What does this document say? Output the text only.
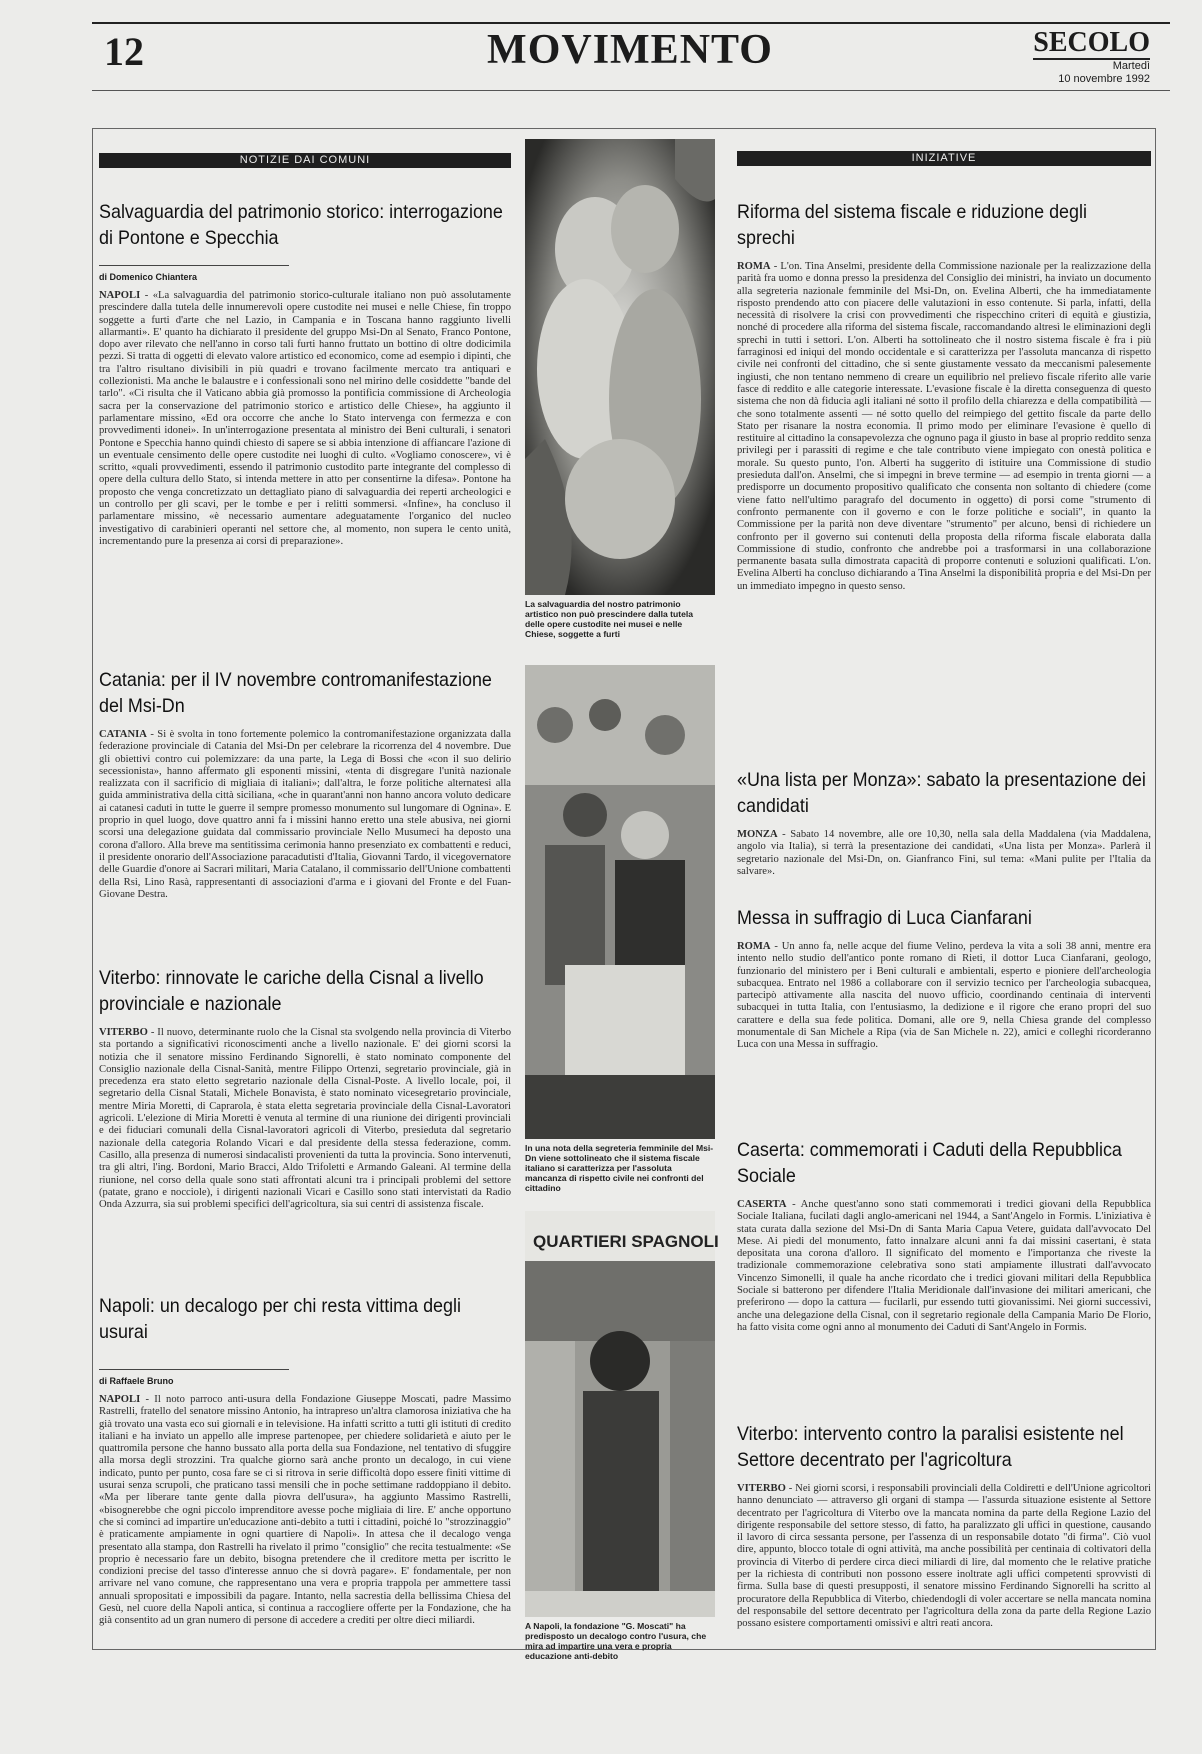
12	MOVIMENTO	SECOLO
Martedì
10 novembre 1992
NOTIZIE DAI COMUNI
Salvaguardia del patrimonio storico: interrogazione di Pontone e Specchia
di Domenico Chiantera
NAPOLI - «La salvaguardia del patrimonio storico-culturale italiano non può assolutamente prescindere dalla tutela delle innumerevoli opere custodite nei musei e nelle Chiese, fin troppo soggette a furti d'arte che nel Lazio, in Campania e in Toscana hanno raggiunto livelli allarmanti». E' quanto ha dichiarato il presidente del gruppo Msi-Dn al Senato, Franco Pontone, dopo aver rilevato che nell'anno in corso tali furti hanno fruttato un bottino di oltre dodicimila pezzi. Si tratta di oggetti di elevato valore artistico ed economico, come ad esempio i dipinti, che tra l'altro risultano divisibili in più quadri e trovano facilmente mercato tra antiquari e collezionisti. Ma anche le balaustre e i confessionali sono nel mirino delle cosiddette "bande del tarlo". «Ci risulta che il Vaticano abbia già promosso la pontificia commissione di Archeologia sacra per la conservazione del patrimonio storico e artistico delle Chiese», ha aggiunto il parlamentare missino, «Ed ora occorre che anche lo Stato intervenga con fermezza e con provvedimenti idonei». In un'interrogazione presentata al ministro dei Beni culturali, i senatori Pontone e Specchia hanno quindi chiesto di sapere se si abbia intenzione di affiancare l'azione di un eventuale censimento delle opere custodite nei luoghi di culto. «Vogliamo conoscere», vi è scritto, «quali provvedimenti, essendo il patrimonio custodito parte integrante del complesso di opere della cultura dello Stato, si intenda mettere in atto per consentirne la difesa». Pontone ha proposto che venga concretizzato un dettagliato piano di salvaguardia dei reperti archeologici e un controllo per gli scavi, per le tombe e per i relitti sommersi. «Infine», ha concluso il parlamentare missino, «è necessario aumentare adeguatamente l'organico del nucleo investigativo di carabinieri operanti nel settore che, al momento, non supera le cento unità, incrementando pure la presenza ai corsi di preparazione».
Catania: per il IV novembre contromanifestazione del Msi-Dn
CATANIA - Si è svolta in tono fortemente polemico la contromanifestazione organizzata dalla federazione provinciale di Catania del Msi-Dn per celebrare la ricorrenza del 4 novembre. Due gli obiettivi contro cui polemizzare: da una parte, la Lega di Bossi che «con il suo delirio secessionista», hanno affermato gli esponenti missini, «tenta di disgregare l'unità nazionale realizzata con il sacrificio di migliaia di italiani»; dall'altra, le forze politiche alternatesi alla guida amministrativa della città siciliana, «che in quarant'anni non hanno ancora voluto dedicare ai catanesi caduti in tutte le guerre il sempre promesso monumento sul lungomare di Ognina». E proprio in quel luogo, dove quattro anni fa i missini hanno eretto una stele abusiva, nei giorni scorsi una delegazione guidata dal commissario provinciale Nello Musumeci ha deposto una corona d'alloro. Alla breve ma sentitissima cerimonia hanno presenziato ex combattenti e reduci, il presidente onorario dell'Associazione paracadutisti d'Italia, Giovanni Tardo, il vicegovernatore delle Guardie d'onore ai Sacrari militari, Maria Catalano, il commissario dell'Unione combattenti della Rsi, Lino Rasà, rappresentanti di associazioni d'arma e i giovani del Fronte e del Fuan-Giovane Destra.
Viterbo: rinnovate le cariche della Cisnal a livello provinciale e nazionale
VITERBO - Il nuovo, determinante ruolo che la Cisnal sta svolgendo nella provincia di Viterbo sta portando a significativi riconoscimenti anche a livello nazionale. E' dei giorni scorsi la notizia che il senatore missino Ferdinando Signorelli, è stato nominato componente del Consiglio nazionale della Cisnal-Sanità, mentre Filippo Ortenzi, segretario provinciale, già in precedenza era stato eletto segretario nazionale della Cisnal-Poste. A livello locale, poi, il segretario della Cisnal Statali, Michele Bonavista, è stato nominato vicesegretario provinciale, mentre Miria Moretti, di Caprarola, è stata eletta segretaria provinciale della Cisnal-Lavoratori agricoli. L'elezione di Miria Moretti è venuta al termine di una riunione dei dirigenti provinciali e dei fiduciari comunali della Cisnal-lavoratori agricoli di Viterbo, presieduta dal segretario nazionale della categoria Rolando Vicari e dal presidente della stessa federazione, comm. Casillo, alla presenza di numerosi sindacalisti provenienti da tutta la provincia. Sono intervenuti, tra gli altri, l'ing. Bordoni, Mario Bracci, Aldo Trifoletti e Armando Galeani. Al termine della riunione, nel corso della quale sono stati affrontati alcuni tra i principali problemi del settore (patate, grano e nocciole), i dirigenti nazionali Vicari e Casillo sono stati intervistati da Radio Onda Azzurra, sia sui problemi specifici dell'agricoltura, sia sui centri di assistenza fiscale.
Napoli: un decalogo per chi resta vittima degli usurai
di Raffaele Bruno
NAPOLI - Il noto parroco anti-usura della Fondazione Giuseppe Moscati, padre Massimo Rastrelli, fratello del senatore missino Antonio, ha intrapreso un'altra clamorosa iniziativa che ha già trovato una vasta eco sui giornali e in televisione. Ha infatti scritto a tutti gli istituti di credito italiani e ha inviato un appello alle imprese partenopee, per chiedere solidarietà e aiuto per le quattromila persone che hanno bussato alla porta della sua Fondazione, nel tentativo di sfuggire alla morsa degli strozzini. Tra qualche giorno sarà anche pronto un decalogo, in cui viene indicato, punto per punto, cosa fare se ci si ritrova in serie difficoltà dopo essere finiti vittime di usurai senza scrupoli, che praticano tassi mensili che in poche settimane raddoppiano il debito. «Ma per liberare tante gente dalla piovra dell'usura», ha aggiunto Massimo Rastrelli, «bisognerebbe che ogni piccolo imprenditore avesse poche migliaia di lire. E' anche opportuno che si cominci ad impartire un'educazione anti-debito a tutti i cittadini, poiché lo "strozzinaggio" è praticamente ampiamente in ogni quartiere di Napoli». In attesa che il decalogo venga presentato alla stampa, don Rastrelli ha rivelato il primo "consiglio" che recita testualmente: «Se proprio è necessario fare un debito, bisogna pretendere che il creditore metta per iscritto le condizioni precise del tasso d'interesse annuo che si dovrà pagare». E' fondamentale, per non arrivare nel vano comune, che rappresentano una vera e propria trappola per ammettere tassi annuali spropositati e impossibili da pagare. Intanto, nella sacrestia della bellissima Chiesa del Gesù, nel cuore della Napoli antica, si continua a raccogliere offerte per la Fondazione, che ha già consentito ad un gran numero di persone di accedere a crediti per oltre dieci miliardi.
La salvaguardia del nostro patrimonio artistico non può prescindere dalla tutela delle opere custodite nei musei e nelle Chiese, soggette a furti
In una nota della segreteria femminile del Msi-Dn viene sottolineato che il sistema fiscale italiano si caratterizza per l'assoluta mancanza di rispetto civile nei confronti del cittadino
QUARTIERI SPAGNOLI
A Napoli, la fondazione "G. Moscati" ha predisposto un decalogo contro l'usura, che mira ad impartire una vera e propria educazione anti-debito
INIZIATIVE
Riforma del sistema fiscale e riduzione degli sprechi
ROMA - L'on. Tina Anselmi, presidente della Commissione nazionale per la realizzazione della parità fra uomo e donna presso la presidenza del Consiglio dei ministri, ha inviato un documento alla segreteria nazionale femminile del Msi-Dn, on. Evelina Alberti, che ha immediatamente risposto prendendo atto con piacere delle valutazioni in esso contenute. Si parla, infatti, della necessità di risolvere la crisi con provvedimenti che rispecchino criteri di equità e giustizia, nonché di procedere alla riforma del sistema fiscale, raccomandando altresì le eliminazioni degli sprechi in tutti i settori. L'on. Alberti ha sottolineato che il nostro sistema fiscale è fra i più farraginosi ed iniqui del mondo occidentale e si caratterizza per l'assoluta mancanza di rispetto civile nei confronti del cittadino, che si sente giustamente vessato da meccanismi palesemente ingiusti, che non tentano nemmeno di creare un equilibrio nel prelievo fiscale riferito alle varie fasce di reddito e alle categorie interessate. L'evasione fiscale è la diretta conseguenza di questo sistema che non dà fiducia agli italiani né sotto il profilo della chiarezza e della compatibilità — che sono totalmente assenti — né sotto quello del reimpiego del gettito fiscale da parte dello Stato per risanare la nostra economia. Il primo modo per eliminare l'evasione è quello di restituire al cittadino la consapevolezza che ognuno paga il giusto in base al proprio reddito senza privilegi per i parassiti di regime e che tale contributo viene impiegato con onestà politica e morale. Su questo punto, l'on. Alberti ha suggerito di istituire una Commissione di studio presieduta dall'on. Anselmi, che si impegni in breve termine — ad esempio in trenta giorni — a predisporre un documento propositivo qualificato che consenta non soltanto di chiedere (come viene fatto nell'ultimo paragrafo del documento in oggetto) di porsi come "strumento di confronto permanente con il governo e con le forze politiche e sociali", in quanto la Commissione per la parità non deve diventare "strumento" per alcuno, bensì di richiedere un confronto per il governo sui contenuti della proposta della riforma fiscale elaborata dalla Commissione di studio, confronto che andrebbe poi a trasformarsi in una collaborazione permanente basata sulla dimostrata capacità di proporre contenuti e soluzioni qualificati. L'on. Evelina Alberti ha concluso dichiarando a Tina Anselmi la disponibilità propria e del Msi-Dn per un immediato impegno in questo senso.
«Una lista per Monza»: sabato la presentazione dei candidati
MONZA - Sabato 14 novembre, alle ore 10,30, nella sala della Maddalena (via Maddalena, angolo via Italia), si terrà la presentazione dei candidati, «Una lista per Monza». Parlerà il segretario nazionale del Msi-Dn, on. Gianfranco Fini, sul tema: «Mani pulite per l'Italia da salvare».
Messa in suffragio di Luca Cianfarani
ROMA - Un anno fa, nelle acque del fiume Velino, perdeva la vita a soli 38 anni, mentre era intento nello studio dell'antico ponte romano di Rieti, il dottor Luca Cianfarani, geologo, funzionario del ministero per i Beni culturali e ambientali, esperto e pioniere dell'archeologia subacquea. Entrato nel 1986 a collaborare con il servizio tecnico per l'archeologia subacquea, partecipò attivamente alla nascita del nuovo ufficio, coordinando centinaia di interventi subacquei in tutta Italia, con l'entusiasmo, la dedizione e il rigore che erano propri del suo carattere e della sua fede politica. Domani, alle ore 9, nella Chiesa grande del complesso monumentale di San Michele a Ripa (via de San Michele n. 22), amici e colleghi ricorderanno Luca con una Messa in suffragio.
Caserta: commemorati i Caduti della Repubblica Sociale
CASERTA - Anche quest'anno sono stati commemorati i tredici giovani della Repubblica Sociale Italiana, fucilati dagli anglo-americani nel 1944, a Sant'Angelo in Formis. L'iniziativa è stata curata dalla sezione del Msi-Dn di Santa Maria Capua Vetere, guidata dall'avvocato Del Mese. Ai piedi del monumento, fatto innalzare alcuni anni fa dai missini casertani, è stata depositata una corona d'alloro. Il significato del momento e l'importanza che riveste la tradizionale commemorazione celebrativa sono stati ampiamente illustrati dall'avvocato Vincenzo Simonelli, il quale ha anche ricordato che i tredici giovani militari della Repubblica Sociale si batterono per difendere l'Italia Meridionale dall'invasione dei militari americani, che preferirono — dopo la cattura — fucilarli, pur essendo tutti giovanissimi. Nei giorni successivi, anche una delegazione della Cisnal, con il segretario regionale della Campania Mario De Florio, ha fatto visita come ogni anno al monumento dei Caduti di Sant'Angelo in Formis.
Viterbo: intervento contro la paralisi esistente nel Settore decentrato per l'agricoltura
VITERBO - Nei giorni scorsi, i responsabili provinciali della Coldiretti e dell'Unione agricoltori hanno denunciato — attraverso gli organi di stampa — l'assurda situazione esistente al Settore decentrato per l'agricoltura di Viterbo ove la mancata nomina da parte della Regione Lazio del dirigente responsabile del settore stesso, di fatto, ha paralizzato gli uffici in questione, causando il lavoro di circa sessanta persone, per l'assenza di un responsabile dotato "di firma". Ciò vuol dire, appunto, blocco totale di ogni attività, ma anche possibilità per centinaia di coltivatori della provincia di Viterbo di perdere circa dieci miliardi di lire, dal momento che le relative pratiche per la richiesta di contributi non possono essere inoltrate agli uffici competenti sprovvisti di firma. Sulla base di questi presupposti, il senatore missino Ferdinando Signorelli ha scritto al procuratore della Repubblica di Viterbo, chiedendogli di voler accertare se nella mancata nomina del responsabile del settore decentrato per l'agricoltura della zona da parte della Regione Lazio possano esistere comportamenti omissivi e altri reati ancora.
